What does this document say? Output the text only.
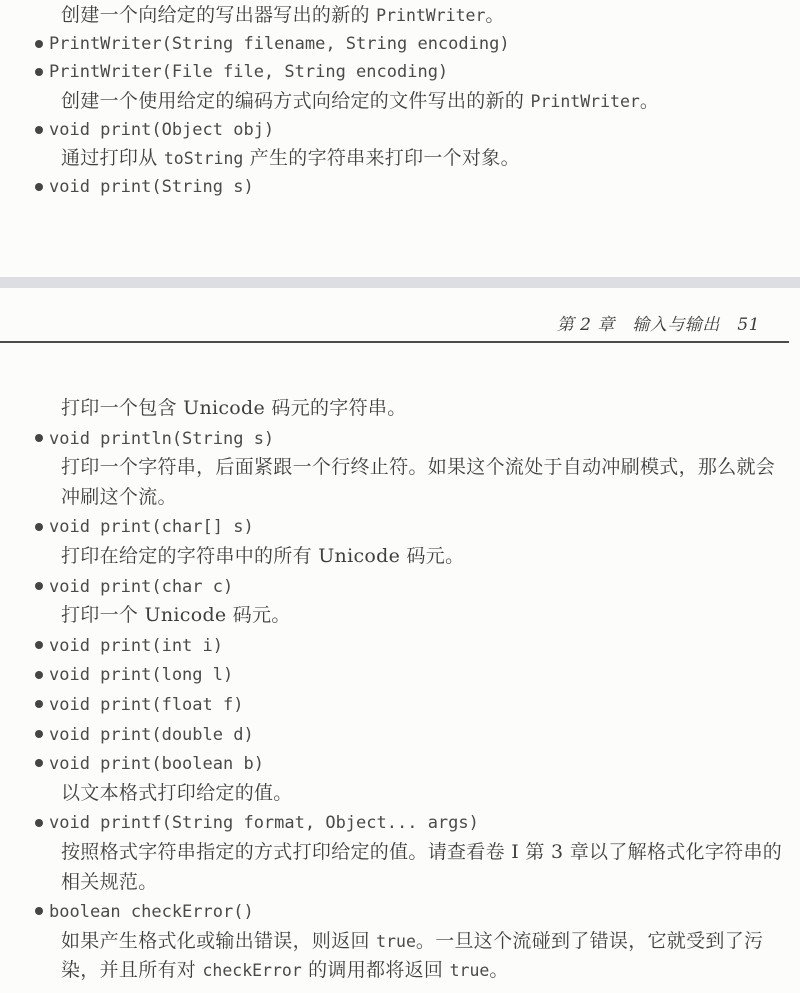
创建一个向给定的写出器写出的新的 PrintWriter。
PrintWriter(String filename, String encoding)
PrintWriter(File file, String encoding)
创建一个使用给定的编码方式向给定的文件写出的新的 PrintWriter。
void print(Object obj)
通过打印从 toString 产生的字符串来打印一个对象。
void print(String s)
第 2 章　输入与输出　51
打印一个包含 Unicode 码元的字符串。
void println(String s)
打印一个字符串，后面紧跟一个行终止符。如果这个流处于自动冲刷模式，那么就会
冲刷这个流。
void print(char[] s)
打印在给定的字符串中的所有 Unicode 码元。
void print(char c)
打印一个 Unicode 码元。
void print(int i)
void print(long l)
void print(float f)
void print(double d)
void print(boolean b)
以文本格式打印给定的值。
void printf(String format, Object... args)
按照格式字符串指定的方式打印给定的值。请查看卷 I 第 3 章以了解格式化字符串的
相关规范。
boolean checkError()
如果产生格式化或输出错误，则返回 true。一旦这个流碰到了错误，它就受到了污
染，并且所有对 checkError 的调用都将返回 true。
